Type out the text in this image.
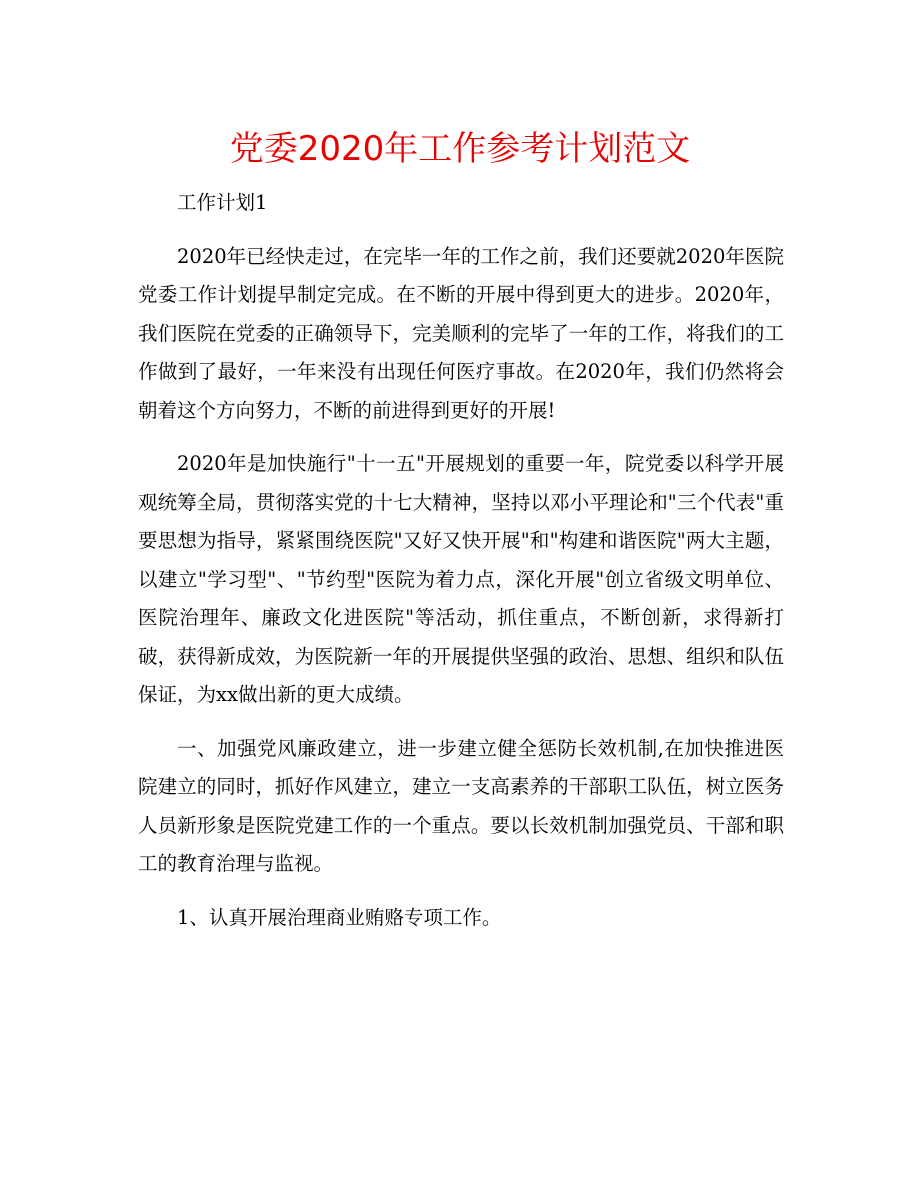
党委2020年工作参考计划范文

工作计划1

2020年已经快走过，在完毕一年的工作之前，我们还要就2020年医院党委工作计划提早制定完成。在不断的开展中得到更大的进步。2020年，我们医院在党委的正确领导下，完美顺利的完毕了一年的工作，将我们的工作做到了最好，一年来没有出现任何医疗事故。在2020年，我们仍然将会朝着这个方向努力，不断的前进得到更好的开展!

2020年是加快施行"十一五"开展规划的重要一年，院党委以科学开展观统筹全局，贯彻落实党的十七大精神，坚持以邓小平理论和"三个代表"重要思想为指导，紧紧围绕医院"又好又快开展"和"构建和谐医院"两大主题，以建立"学习型"、"节约型"医院为着力点，深化开展"创立省级文明单位、医院治理年、廉政文化进医院"等活动，抓住重点，不断创新，求得新打破，获得新成效，为医院新一年的开展提供坚强的政治、思想、组织和队伍保证，为xx做出新的更大成绩。

一、加强党风廉政建立，进一步建立健全惩防长效机制,在加快推进医院建立的同时，抓好作风建立，建立一支高素养的干部职工队伍，树立医务人员新形象是医院党建工作的一个重点。要以长效机制加强党员、干部和职工的教育治理与监视。

1、认真开展治理商业贿赂专项工作。
